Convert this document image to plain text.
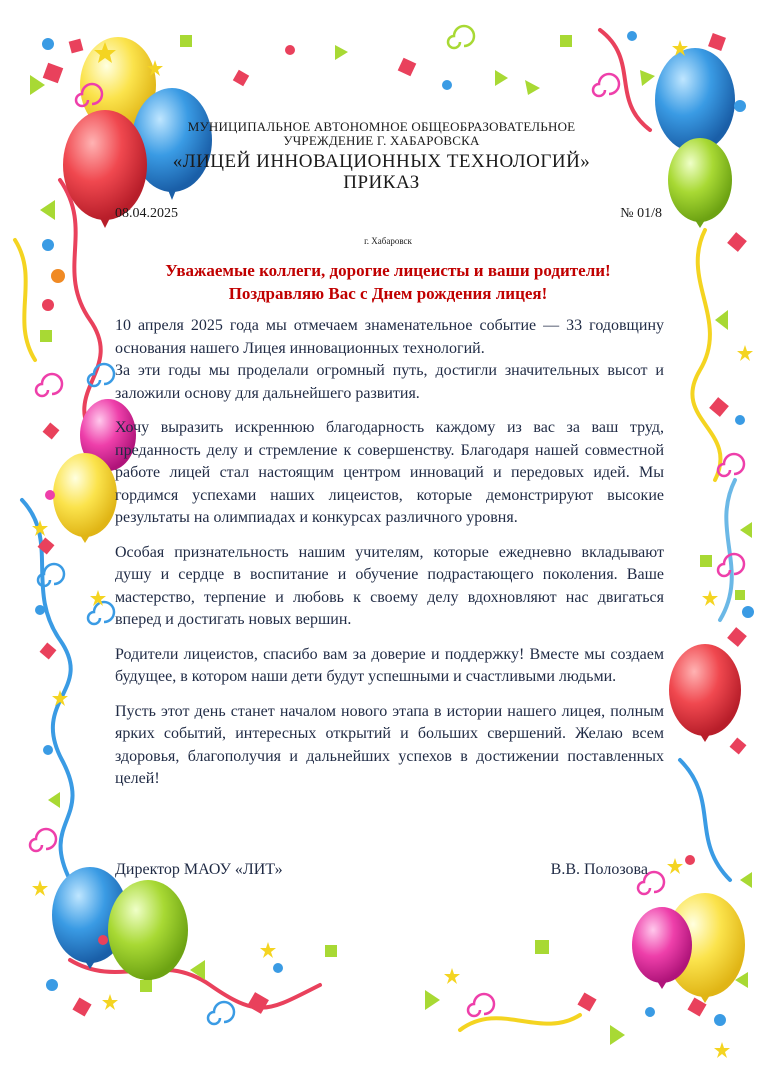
МУНИЦИПАЛЬНОЕ АВТОНОМНОЕ ОБЩЕОБРАЗОВАТЕЛЬНОЕ
УЧРЕЖДЕНИЕ Г. ХАБАРОВСКА
«ЛИЦЕЙ ИННОВАЦИОННЫХ ТЕХНОЛОГИЙ»
ПРИКАЗ
08.04.2025	№ 01/8
г. Хабаровск
Уважаемые коллеги, дорогие лицеисты и ваши родители!
Поздравляю Вас с Днем рождения лицея!

10 апреля 2025 года мы отмечаем знаменательное событие — 33 годовщину основания нашего Лицея инновационных технологий.

За эти годы мы проделали огромный путь, достигли значительных высот и заложили основу для дальнейшего развития.

Хочу выразить искреннюю благодарность каждому из вас за ваш труд, преданность делу и стремление к совершенству. Благодаря нашей совместной работе лицей стал настоящим центром инноваций и передовых идей. Мы гордимся успехами наших лицеистов, которые демонстрируют высокие результаты на олимпиадах и конкурсах различного уровня.

Особая признательность нашим учителям, которые ежедневно вкладывают душу и сердце в воспитание и обучение подрастающего поколения. Ваше мастерство, терпение и любовь к своему делу вдохновляют нас двигаться вперед и достигать новых вершин.

Родители лицеистов, спасибо вам за доверие и поддержку! Вместе мы создаем будущее, в котором наши дети будут успешными и счастливыми людьми.

Пусть этот день станет началом нового этапа в истории нашего лицея, полным ярких событий, интересных открытий и больших свершений. Желаю всем здоровья, благополучия и дальнейших успехов в достижении поставленных целей!

Директор МАОУ «ЛИТ»	В.В. Полозова
